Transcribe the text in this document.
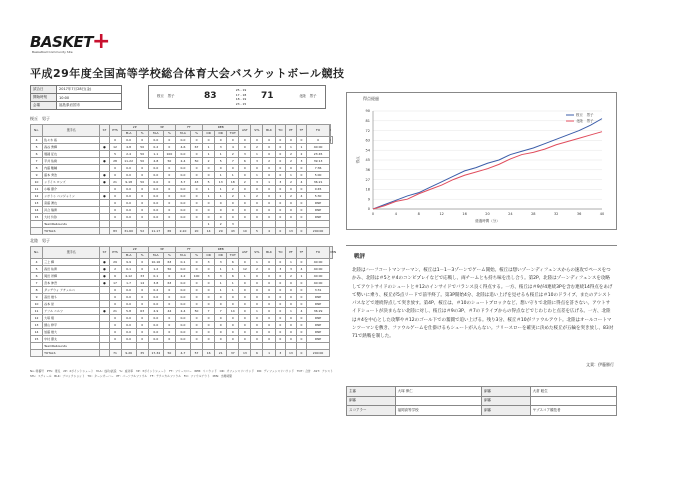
BASKET +
Basketball Community Site
平成29年度全国高等学校総合体育大会バスケットボール競技
試合日	2017年7月28日(金)
開始時刻	10:00
会場	福島県岩国市
桜丘　男子	83
25 - 19
17 - 18
18 - 19
23 - 15
71	北陸　男子
桜丘　男子
No.	選手名	ST	PTS	2P		3P		FT		REB			AST	STL	BLK	TO	PF	TF	FO	
				M-A	%	M-A	%	M-A	%	OR	DR	TOT								
4	佐々木 裕		0	0-0	0	0-0	0	0-0	0	0	0	0	0	0	0	0	0	0	0		
5	森谷 勇輝	●	12	4-8	50	0-2	0	4-6	67	1	3	4	0	2	0	0	1	1	40:00	
6	堀越 征也		5	2-4	50	1-1	100	0-0	0	1	1	2	3	1	0	0	2	2	23:45	
7	平井 佑樹	●	28	11-22	50	4-8	50	2-4	50	2	5	7	6	3	2	0	2	3	39:13	
8	内藤 駿輔		0	0-0	0	0-0	0	0-0	0	0	0	0	0	0	0	0	0	0	7:36	
9	藤本 秀治	●	0	0-0	0	0-0	0	0-0	0	0	1	1	0	1	0	0	1	0	5:00	
10	ンドイエ ロンズ	●	21	9-18	50	0-0	0	3-7	43	5	13	18	2	3	1	3	2	4	36:21	
11	小嶋 優介		0	0-0	0	0-0	0	0-0	0	1	1	2	0	0	0	0	0	0	0:45	
12	ンボトゥ ベンジャミン	●	0	0-0	0	0-0	0	0-0	0	1	1	2	1	2	0	1	2	4	5:30	
13	斎藤 湧也		0	0-0	0	0-0	0	0-0	0	0	0	0	0	0	0	0	0	0	DNP	
14	河合 瑞貴		0	0-0	0	0-0	0	0-0	0	0	0	0	0	0	0	0	0	0	DNP	
15	大村 怜弥		0	0-0	0	0-0	0	0-0	0	0	0	0	0	0	0	0	0	0	DNP	
	TeamRebounds									1	2	3								
	TOTALS		83	31-60	52	11-17	65	2-10	20	14	29	43	10	5	4	0	13	0	200:00	
北陸　男子
No.	選手名	ST	PTS	2P		3P		FT		REB			AST	STL	BLK	TO	PF	TF	FO	MIN
				M-A	%	M-A	%	M-A	%	OR	DR	TOT								
4	三上 輝	●	29	9-9	0	10-16	63	0-1	0	3	3	6	0	1	0	0	1	0	40:00	
5	森田 祐貴	●	2	0-1	0	1-2	50	0-0	0	0	1	1	12	2	0	3	3	4	40:00	
6	岡田 昂輝	●	6	4-12	33	0-1	0	2-2	100	3	3	6	1	0	0	0	2	1	40:00	
7	宮本 伸吾	●	17	1-7	14	3-8	63	0-0	0	0	1	1	0	0	0	0	0	0	40:00	
8	ダンデウォ アチェルベ		0	0-0	0	0-2	0	0-0	0	0	1	1	0	0	0	0	0	0	3:31	
9	高田 雄斗		0	0-0	0	0-0	0	0-0	0	0	0	0	0	0	0	0	0	0	DNP	
10	谷本 崇		0	0-0	0	0-0	0	0-0	0	0	0	0	0	0	0	0	0	0	DNP	
11	アソル ユルツ	●	21	5-8	63	4-9	44	2-4	50	7	7	14	0	1	0	0	1	4	36:29	
12	大塚 翔		0	0-0	0	0-0	0	0-0	0	0	0	0	0	0	0	0	0	0	DNP	
13	細山 修平		0	0-0	0	0-0	0	0-0	0	0	0	0	0	0	0	0	0	0	DNP	
14	加藤 雄大		0	0-0	0	0-0	0	0-0	0	0	0	0	0	0	0	0	0	0	DNP	
15	中村 優太		0	0-0	0	0-0	0	0-0	0	0	0	0	0	0	0	0	0	0	DNP	
	TeamRebounds																			
	TOTALS		71	9-26	35	17-34	50	4-7	57	16	21	37	13	6	1	3	13	0	200:00	
No.:背番号　PTS：得点　2P：2ポイントシュート　M-A：成功/試投　%：成功率　3P：3ポイントシュート　FT：フリースロー　REB：リバウンド　OR：オフェンスリバウンド　DR：ディフェンスリバウンド　TOT：合計　AST：アシスト　STL：スティール　BLK：ブロックショット　TO：ターンオーバー　PF：パーソナルファウル　TF：テクニカルファウル　FO：ファウルアウト　MIN：出場時間
得点経過
0
9
18
27
36
45
54
63
72
81
90
0	4	8	12	16	20	24	28	32	36	40
経過時間（分）
得点
桜丘　男子
北陸　男子
戦評
北陸はハーフコートマンツーマン、桜丘は1－1－3ゾーンでゲーム開始。桜丘は想いゾーンディフェンスからの速攻でペースをつかみ、北陸は＃5と＃4のコンビプレイなどで応戦し、両チームとも持ち味を出し合う。第2P、北陸はゾーンディフェンスを攻略してアウトサイドのシュートと＃12のインサイドでバランス良く得点する。一方、桜丘は＃9が4連続3Pを含む連続14得点をあげて勢いに乗り、桜丘が5点リードで前半終了。第3P開始4分、北陸は追い上げを見せるも桜丘は＃10のドライブ、またのアシストパスなどで連続得点して突き放す。第4P、桜丘は、＃10のシュートブロックなど、想い守りで北陸に得点を許さない。アウトサイドシュートが決まらない北陸に対し、桜丘は＃9の3P、＃7のドライブからの得点などでじわじわと点差を広げる。一方、北陸は＃4を中心とした攻撃や＃12のゴール下での奮闘で追い上げる。残り3分、桜丘＃10がファウルアウト。北陸はオールコートマンツーマンを敷き、ファウルゲームを仕掛けるもシュートが入らない。フリースローを確実に決めた桜丘が五輪を突き放し、83対71で熱戦を制した。
文責：伊藤勝行
主審	大塚 伸仁	副審	大倉 聡生
副審		副審	
スコアラー	福岡高等学校	副審	ヤブスコア競技者
